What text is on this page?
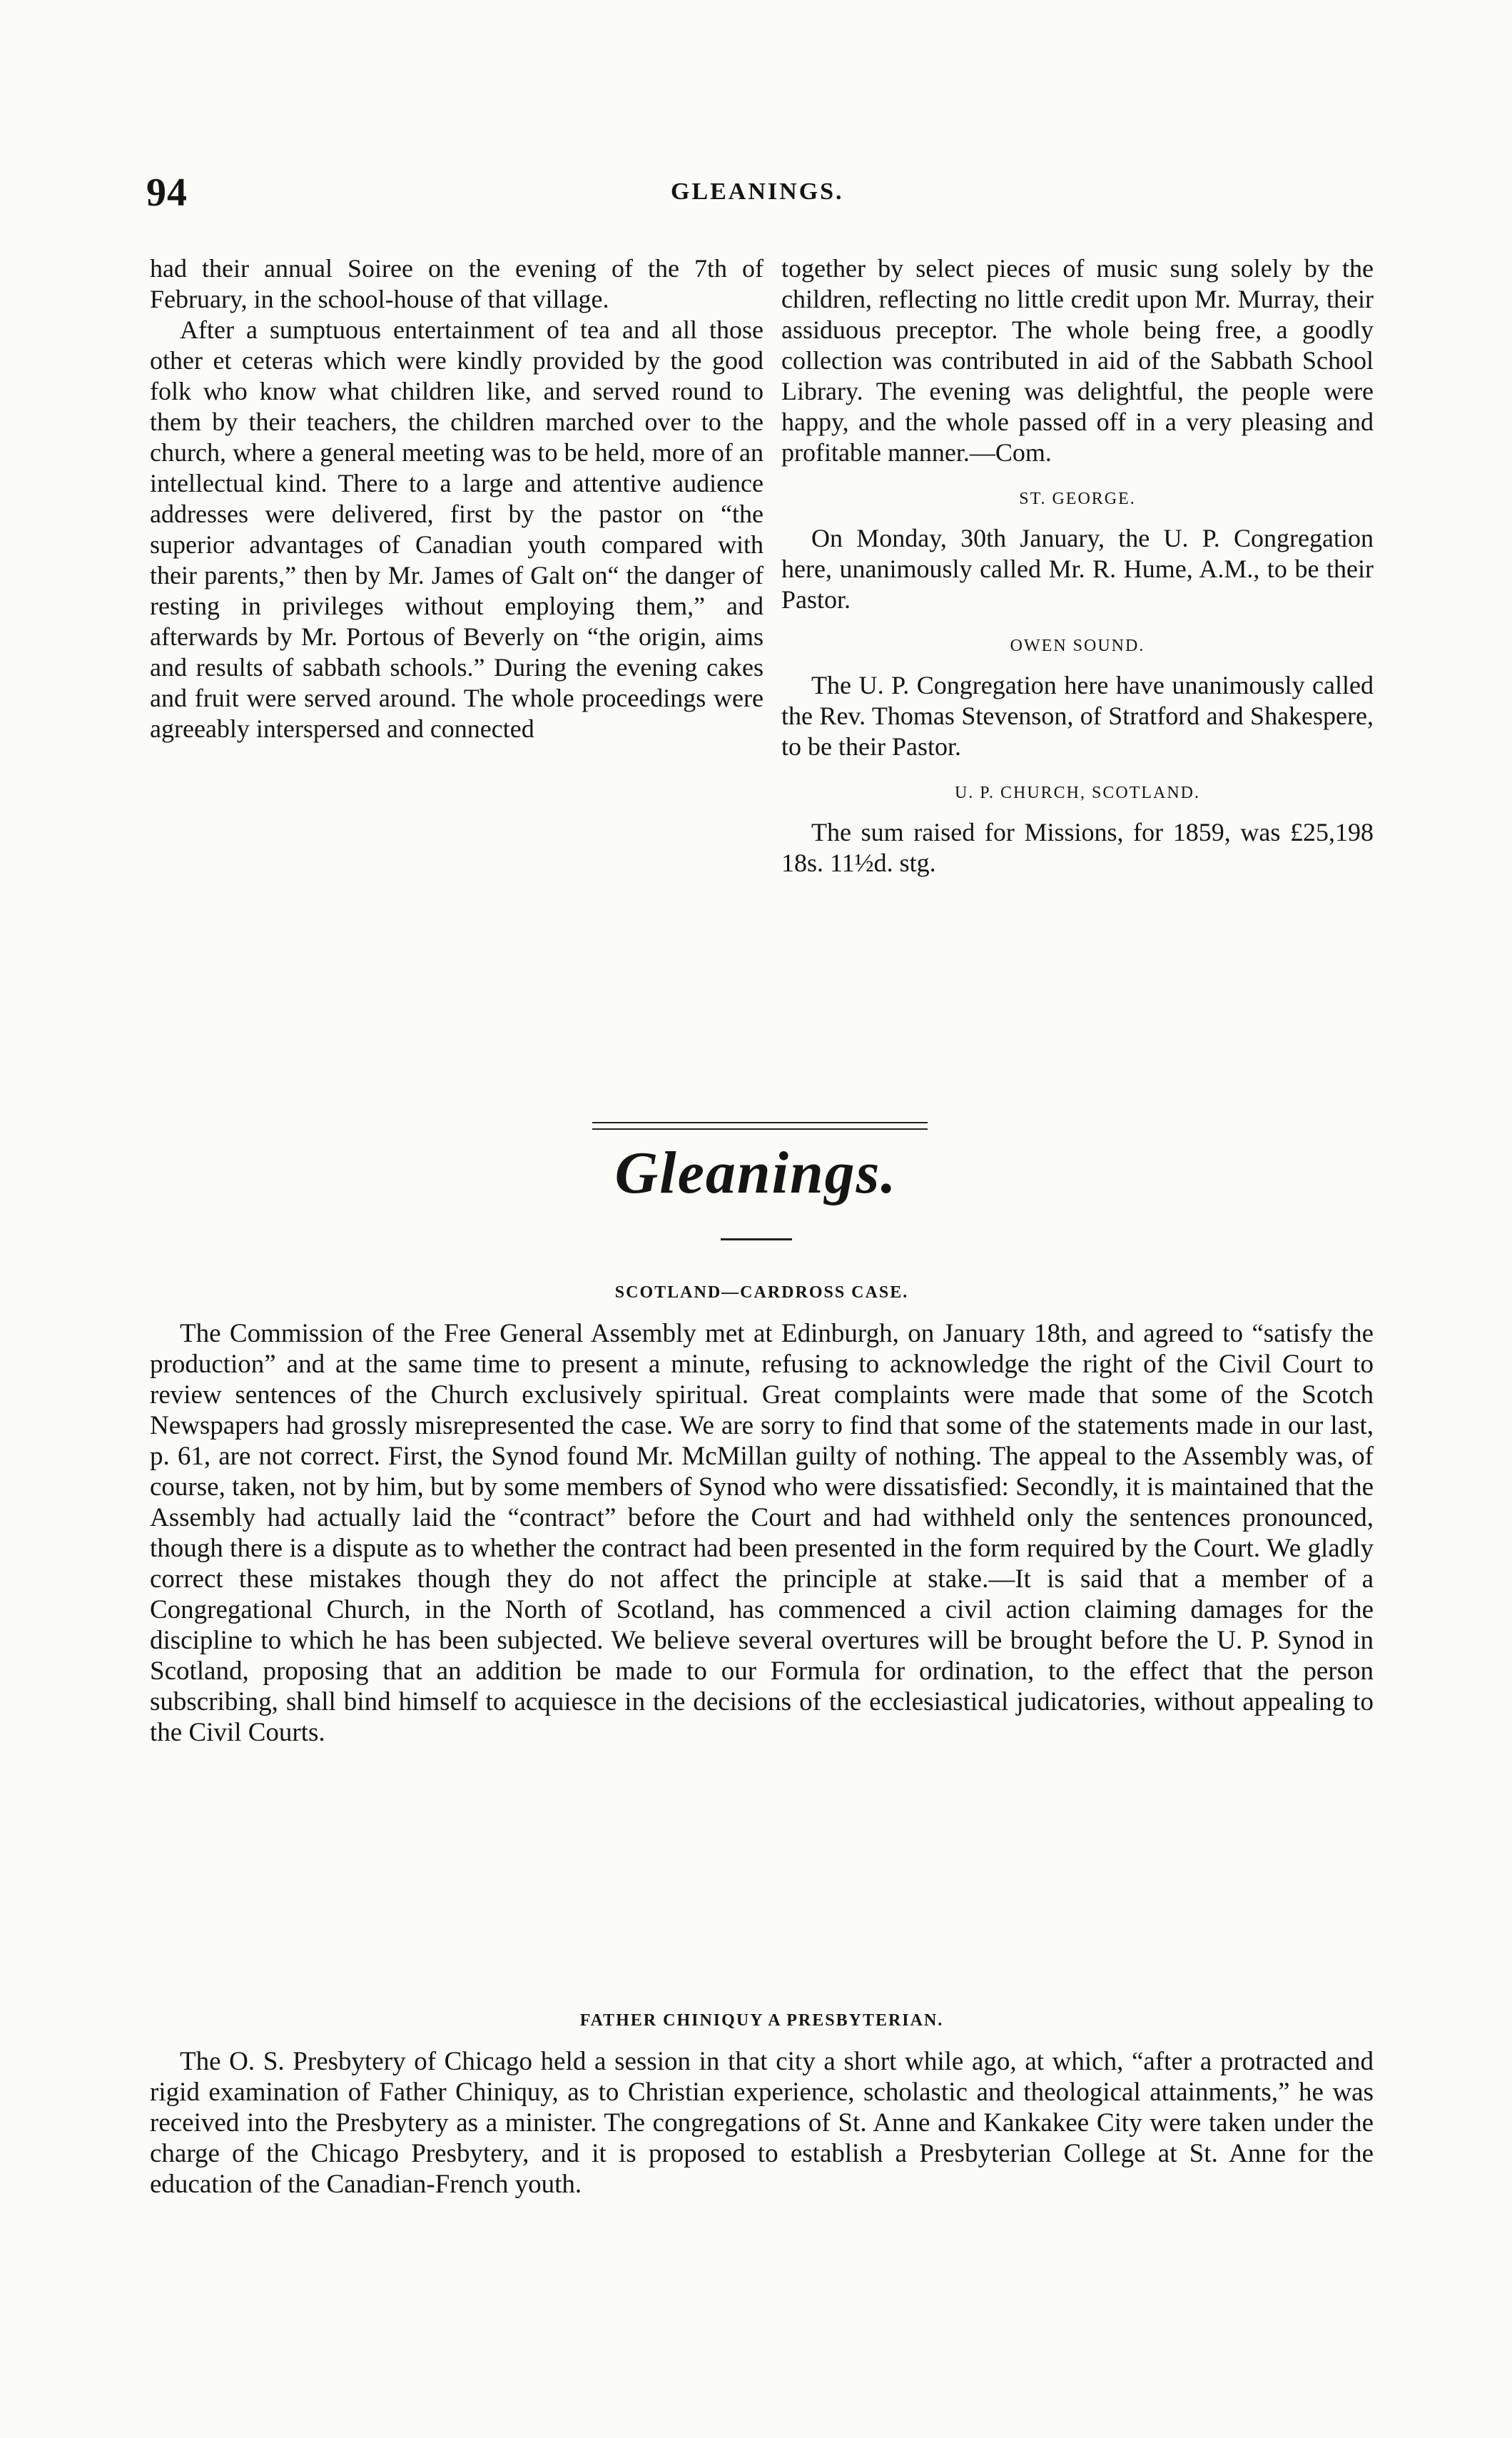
94	GLEANINGS.

had their annual Soiree on the evening of the 7th of February, in the school-house of that village.

After a sumptuous entertainment of tea and all those other et ceteras which were kindly provided by the good folk who know what children like, and served round to them by their teachers, the children marched over to the church, where a general meeting was to be held, more of an intellectual kind. There to a large and attentive audience addresses were delivered, first by the pastor on “the superior advantages of Canadian youth compared with their parents,” then by Mr. James of Galt on“ the danger of resting in privileges without employing them,” and afterwards by Mr. Portous of Beverly on “the origin, aims and results of sabbath schools.” During the evening cakes and fruit were served around. The whole proceedings were agreeably interspersed and connected

together by select pieces of music sung solely by the children, reflecting no little credit upon Mr. Murray, their assiduous preceptor. The whole being free, a goodly collection was contributed in aid of the Sabbath School Library. The evening was delightful, the people were happy, and the whole passed off in a very pleasing and profitable manner.—Com.

ST. GEORGE.

On Monday, 30th January, the U. P. Congregation here, unanimously called Mr. R. Hume, A.M., to be their Pastor.

OWEN SOUND.

The U. P. Congregation here have unanimously called the Rev. Thomas Stevenson, of Stratford and Shakespere, to be their Pastor.

U. P. CHURCH, SCOTLAND.

The sum raised for Missions, for 1859, was £25,198 18s. 11½d. stg.

Gleanings.
SCOTLAND—CARDROSS CASE.

The Commission of the Free General Assembly met at Edinburgh, on January 18th, and agreed to “satisfy the production” and at the same time to present a minute, refusing to acknowledge the right of the Civil Court to review sentences of the Church exclusively spiritual. Great complaints were made that some of the Scotch Newspapers had grossly misrepresented the case. We are sorry to find that some of the statements made in our last, p. 61, are not correct. First, the Synod found Mr. McMillan guilty of nothing. The appeal to the Assembly was, of course, taken, not by him, but by some members of Synod who were dissatisfied: Secondly, it is maintained that the Assembly had actually laid the “contract” before the Court and had withheld only the sentences pronounced, though there is a dispute as to whether the contract had been presented in the form required by the Court. We gladly correct these mistakes though they do not affect the principle at stake.—It is said that a member of a Congregational Church, in the North of Scotland, has commenced a civil action claiming damages for the discipline to which he has been subjected. We believe several overtures will be brought before the U. P. Synod in Scotland, proposing that an addition be made to our Formula for ordination, to the effect that the person subscribing, shall bind himself to acquiesce in the decisions of the ecclesiastical judicatories, without appealing to the Civil Courts.

FATHER CHINIQUY A PRESBYTERIAN.

The O. S. Presbytery of Chicago held a session in that city a short while ago, at which, “after a protracted and rigid examination of Father Chiniquy, as to Christian experience, scholastic and theological attainments,” he was received into the Presbytery as a minister. The congregations of St. Anne and Kankakee City were taken under the charge of the Chicago Presbytery, and it is proposed to establish a Presbyterian College at St. Anne for the education of the Canadian-French youth.
